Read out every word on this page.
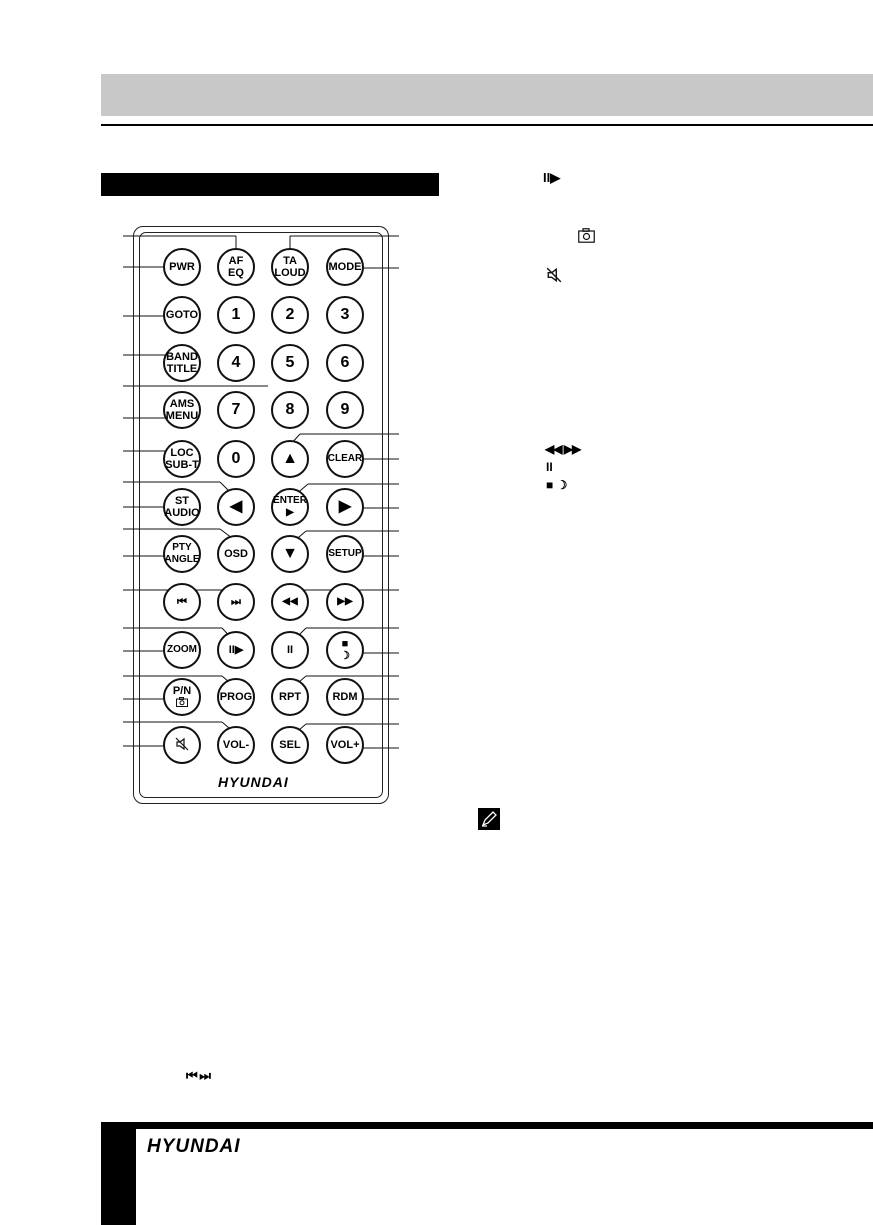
AF
EQ
TA
LOUD
PWR	MODE
GOTO 1	2	3
BAND
TITLE 4	5	6
AMS
MENU 7	8	9
LOC
SUB-T 0	▲	CLEAR
ST
AUDIO ◀	ENTER
▶	▶
PTY
ANGLE OSD ▼	SETUP
⏮	⏭	◀◀	▶▶
ZOOM	II▶	II	■
☽
P/N
PROG RPT	RDM
VOL-	SEL	VOL+
HYUNDAI
II▶
◀◀ ▶▶
II
■ ☽
⏮ ⏭
HYUNDAI
